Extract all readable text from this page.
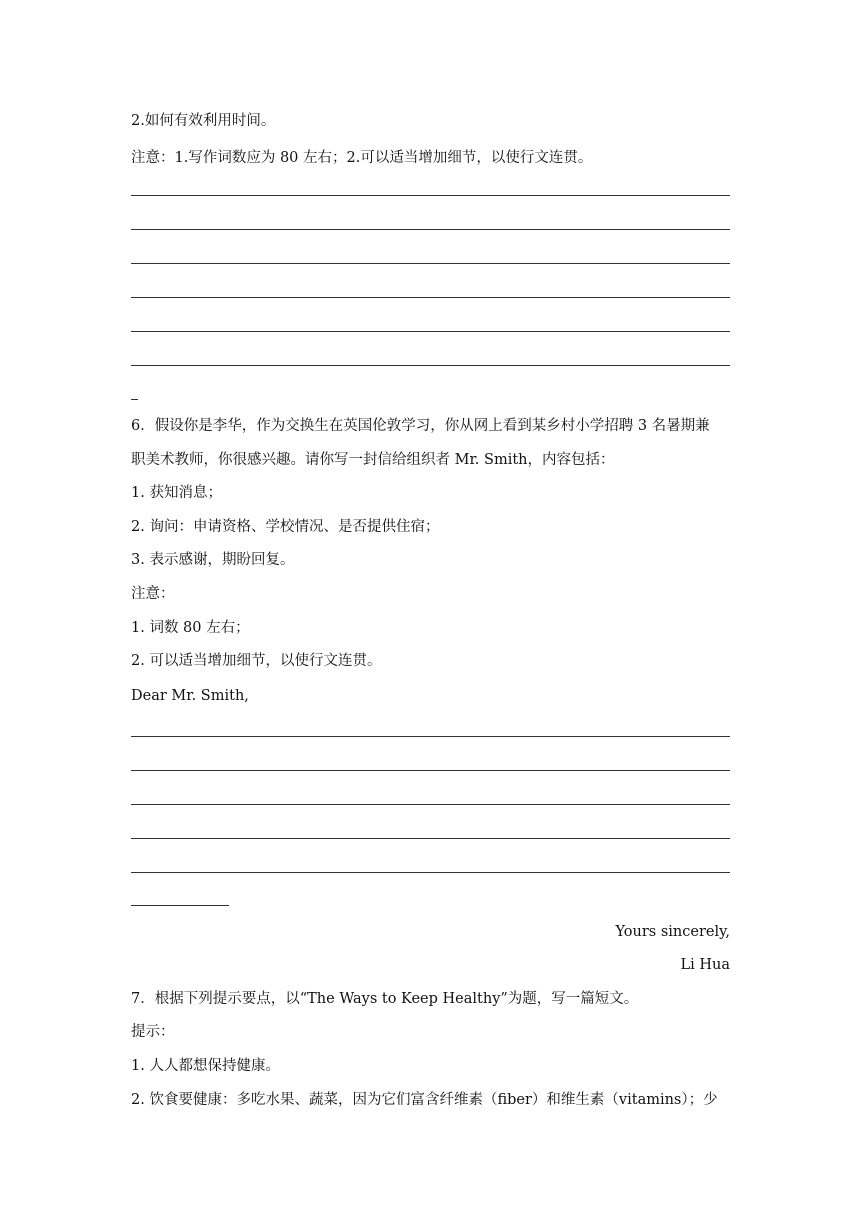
2.如何有效利用时间。
注意：1.写作词数应为 80 左右；2.可以适当增加细节，以使行文连贯。
6．假设你是李华，作为交换生在英国伦敦学习，你从网上看到某乡村小学招聘 3 名暑期兼
职美术教师，你很感兴趣。请你写一封信给组织者 Mr. Smith，内容包括：
1. 获知消息；
2. 询问：申请资格、学校情况、是否提供住宿；
3. 表示感谢，期盼回复。
注意：
1. 词数 80 左右；
2. 可以适当增加细节，以使行文连贯。
Dear Mr. Smith,
Yours sincerely,
Li Hua
7．根据下列提示要点，以“The Ways to Keep Healthy”为题，写一篇短文。
提示：
1. 人人都想保持健康。
2. 饮食要健康：多吃水果、蔬菜，因为它们富含纤维素（fiber）和维生素（vitamins）；少
